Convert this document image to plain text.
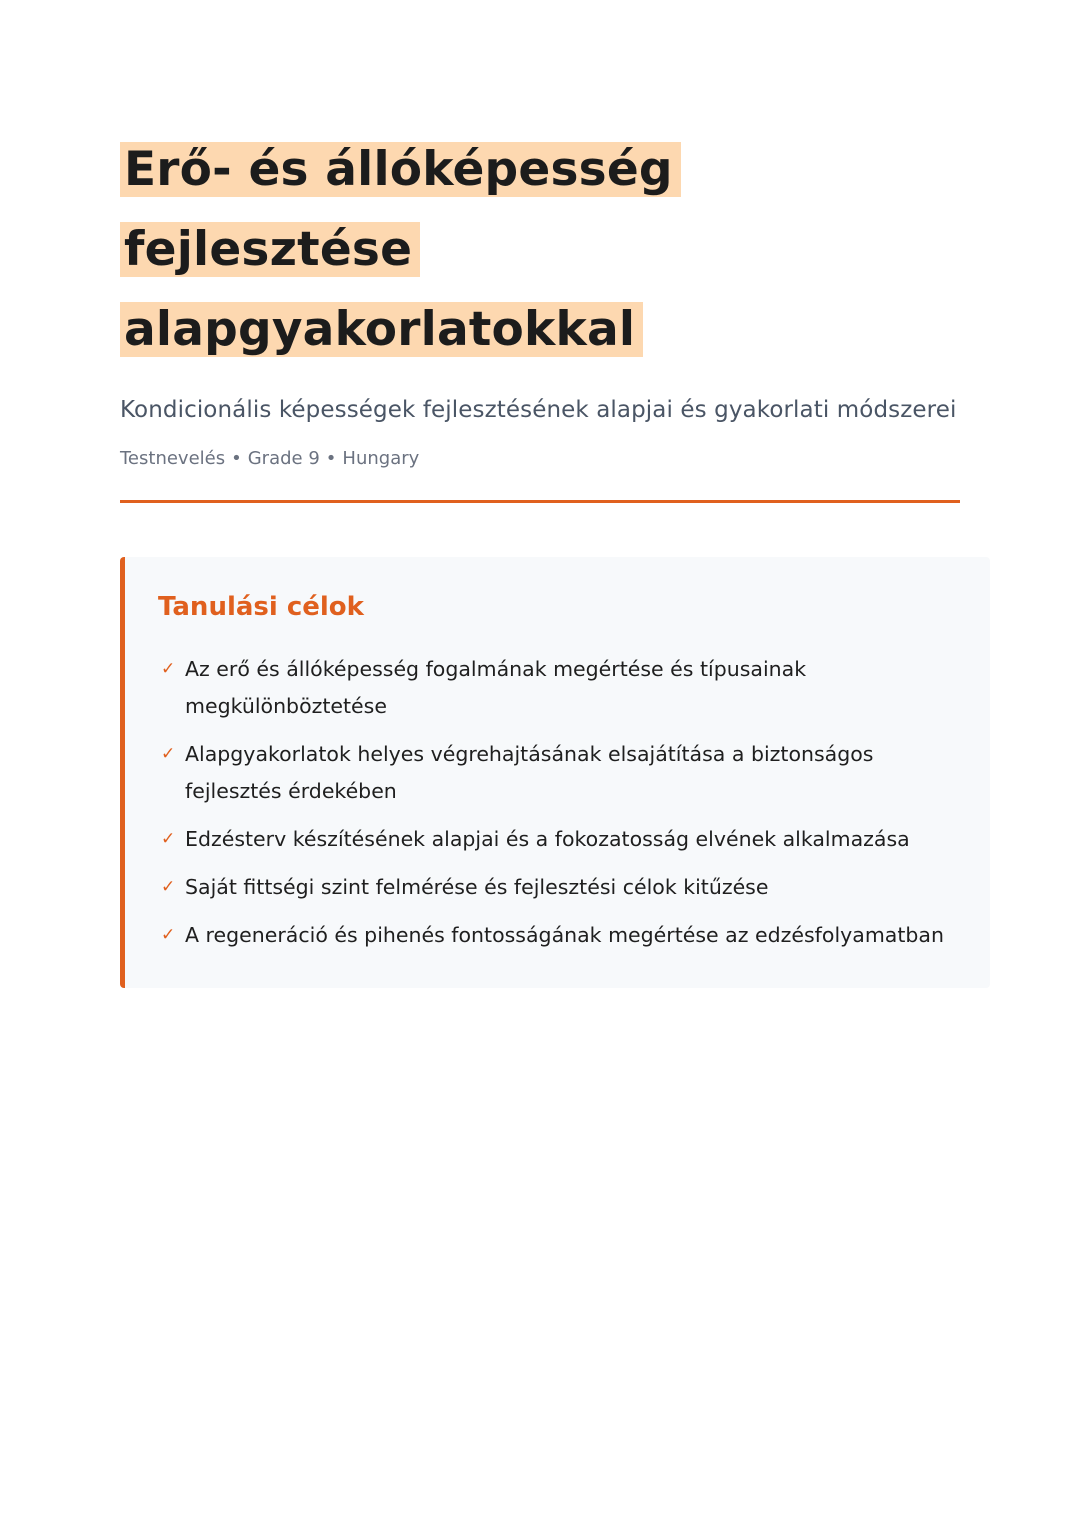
Erő- és állóképesség fejlesztése
alapgyakorlatokkal

Kondicionális képességek fejlesztésének alapjai és gyakorlati módszerei

Testnevelés • Grade 9 • Hungary
Tanulási célok
✓ Az erő és állóképesség fogalmának megértése és típusainak megkülönböztetése
✓ Alapgyakorlatok helyes végrehajtásának elsajátítása a biztonságos fejlesztés érdekében
✓ Edzésterv készítésének alapjai és a fokozatosság elvének alkalmazása
✓ Saját fittségi szint felmérése és fejlesztési célok kitűzése
✓ A regeneráció és pihenés fontosságának megértése az edzésfolyamatban
